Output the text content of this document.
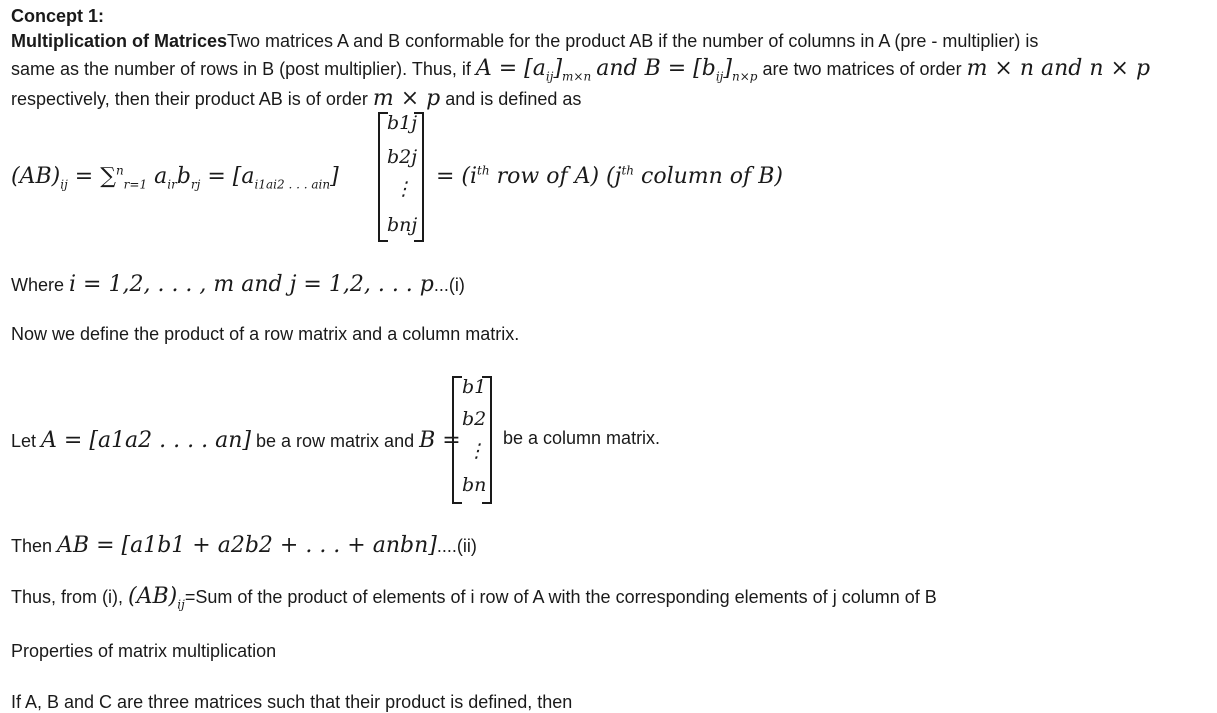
Concept 1:
Multiplication of MatricesTwo matrices A and B conformable for the product AB if the number of columns in A (pre - multiplier) is
same as the number of rows in B (post multiplier). Thus, if $A = [a_{ij}]_{m\times n}$ and $B = [b_{ij}]_{n\times p}$ are two matrices of order m × n and n × p
respectively, then their product AB is of order m × p and is defined as
$(AB)_{ij} = \sum^n_{r=1}$ $a_{ir}b_{rj} = [a_{i1ai2 . . . ain}]$
b1j
b2j
⋮
bnj
= ($i^{th}$ row of A) ($j^{th}$ column of B)
Where i = 1,2, . . . , m and j = 1,2, . . . p...(i)
Now we define the product of a row matrix and a column matrix.
Let A = [a1a2 . . . . an] be a row matrix and B =
b1
b2
⋮
bn
be a column matrix.
Then AB = [a1b1 + a2b2 + . . . + anbn]....(ii)
Thus, from (i), $(AB)_{ij}=Sum$ of the product of elements of i row of A with the corresponding elements of j column of B
Properties of matrix multiplication
If A, B and C are three matrices such that their product is defined, then
